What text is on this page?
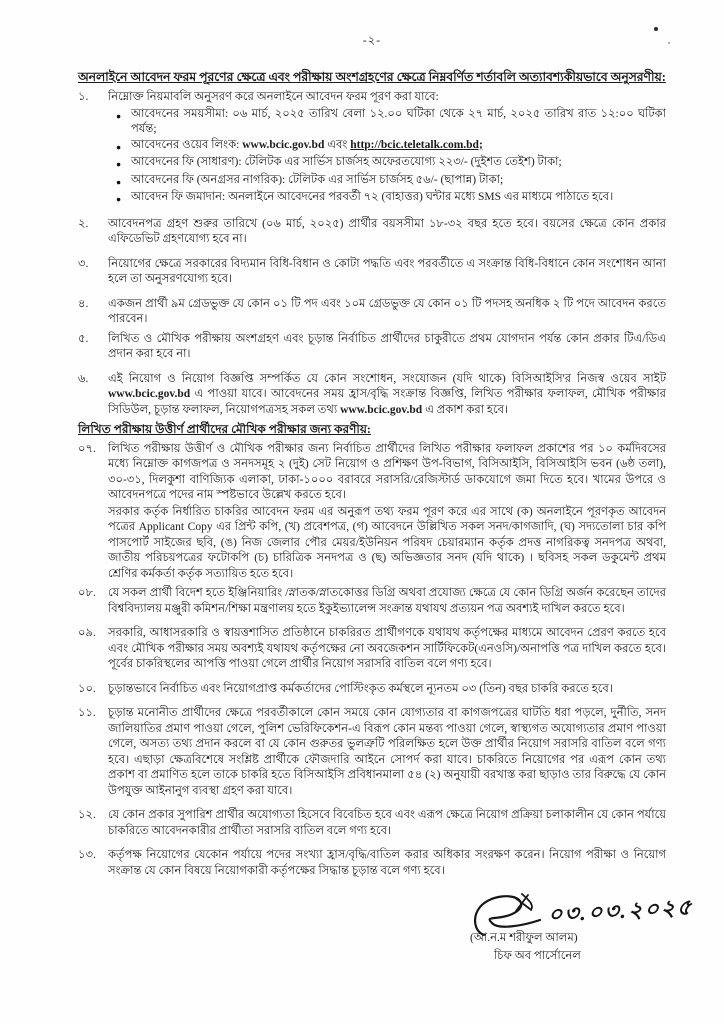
-২-
অনলাইনে আবেদন ফরম পূরণের ক্ষেত্রে এবং পরীক্ষায় অংশগ্রহণের ক্ষেত্রে নিম্নবর্ণিত শর্তাবলি অত্যাবশ্যকীয়ভাবে অনুসরণীয়:
১.	নিম্নোক্ত নিয়মাবলি অনুসরণ করে অনলাইনে আবেদন ফরম পূরণ করা যাবে:
● আবেদনের সময়সীমা: ০৬ মার্চ, ২০২৫ তারিখ বেলা ১২.০০ ঘটিকা থেকে ২৭ মার্চ, ২০২৫ তারিখ রাত ১২:০০ ঘটিকা পর্যন্ত;
● আবেদনের ওয়েব লিংক: www.bcic.gov.bd এবং http://bcic.teletalk.com.bd;
● আবেদনের ফি (সাধারণ): টেলিটক এর সার্ভিস চার্জসহ অফেরতযোগ্য ২২৩/- (দুইশত তেইশ) টাকা;
● আবেদনের ফি (অনগ্রসর নাগরিক): টেলিটক এর সার্ভিস চার্জসহ ৫৬/- (ছাপান্ন) টাকা;
● আবেদন ফি জমাদান: অনলাইনে আবেদনের পরবর্তী ৭২ (বাহাত্তর) ঘন্টার মধ্যে SMS এর মাধ্যমে পাঠাতে হবে।
২.	আবেদনপত্র গ্রহণ শুরুর তারিখে (০৬ মার্চ, ২০২৫) প্রার্থীর বয়সসীমা ১৮-৩২ বছর হতে হবে। বয়সের ক্ষেত্রে কোন প্রকার এফিডেভিট গ্রহণযোগ্য হবে না।
৩.	নিয়োগের ক্ষেত্রে সরকারের বিদ্যমান বিধি-বিধান ও কোটা পদ্ধতি এবং পরবর্তীতে এ সংক্রান্ত বিধি-বিধানে কোন সংশোধন আনা হলে তা অনুসরণযোগ্য হবে।
৪.	একজন প্রার্থী ৯ম গ্রেডভুক্ত যে কোন ০১ টি পদ এবং ১০ম গ্রেডভুক্ত যে কোন ০১ টি পদসহ অনধিক ২ টি পদে আবেদন করতে পারবেন।
৫.	লিখিত ও মৌখিক পরীক্ষায় অংশগ্রহণ এবং চূড়ান্ত নির্বাচিত প্রার্থীদের চাকুরীতে প্রথম যোগদান পর্যন্ত কোন প্রকার টিএ/ডিএ প্রদান করা হবে না।
৬.	এই নিয়োগ ও নিয়োগ বিজ্ঞপ্তি সম্পর্কিত যে কোন সংশোধন, সংযোজন (যদি থাকে) বিসিআইসি'র নিজস্ব ওয়েব সাইট www.bcic.gov.bd এ পাওয়া যাবে। আবেদনের সময় হ্রাস/বৃদ্ধি সংক্রান্ত বিজ্ঞপ্তি, লিখিত পরীক্ষার ফলাফল, মৌখিক পরীক্ষার সিডিউল, চূড়ান্ত ফলাফল, নিয়োগপত্রসহ সকল তথ্য www.bcic.gov.bd এ প্রকাশ করা হবে।
লিখিত পরীক্ষায় উত্তীর্ণ প্রার্থীদের মৌখিক পরীক্ষার জন্য করণীয়:
০৭.	লিখিত পরীক্ষায় উত্তীর্ণ ও মৌখিক পরীক্ষার জন্য নির্বাচিত প্রার্থীদের লিখিত পরীক্ষার ফলাফল প্রকাশের পর ১০ কর্মদিবসের মধ্যে নিম্নোক্ত কাগজপত্র ও সনদসমূহ ২ (দুই) সেট নিয়োগ ও প্রশিক্ষণ উপ-বিভাগ, বিসিআইসি, বিসিআইসি ভবন (৬ষ্ঠ তলা), ৩০-৩১, দিলকুশা বাণিজ্যিক এলাকা, ঢাকা-১০০০ বরাবরে সরাসরি/রেজিস্টার্ড ডাকযোগে জমা দিতে হবে। খামের উপরে ও আবেদনপত্রে পদের নাম স্পষ্টভাবে উল্লেখ করতে হবে।
সরকার কর্তৃক নির্ধারিত চাকরির আবেদন ফরম এর অনুরূপ তথ্য ফরম পূরণ করে এর সাথে (ক) অনলাইনে পূরণকৃত আবেদন পত্রের Applicant Copy এর প্রিন্ট কপি, (খ) প্রবেশপত্র, (গ) আবেদনে উল্লিখিত সকল সনদ/কাগজাদি, (ঘ) সদ্যতোলা চার কপি পাসপোর্ট সাইজের ছবি, (ঙ) নিজ জেলার পৌর মেয়র/ইউনিয়ন পরিষদ চেয়ারম্যান কর্তৃক প্রদত্ত নাগরিকত্ব সনদপত্র অথবা, জাতীয় পরিচয়পত্রের ফটোকপি (চ) চারিত্রিক সনদপত্র ও (ছ) অভিজ্ঞতার সনদ (যদি থাকে) । ছবিসহ সকল ডকুমেন্ট প্রথম শ্রেণির কর্মকর্তা কর্তৃক সত্যায়িত হতে হবে।
০৮.	যে সকল প্রার্থী বিদেশ হতে ইঞ্জিনিয়ারিং /স্নাতক/স্নাতকোত্তর ডিগ্রি অথবা প্রযোজ্য ক্ষেত্রে যে কোন ডিগ্রি অর্জন করেছেন তাদের বিশ্ববিদ্যালয় মঞ্জুরী কমিশন/শিক্ষা মন্ত্রণালয় হতে ইকুইভ্যালেন্স সংক্রান্ত যথাযথ প্রত্যয়ন পত্র অবশ্যই দাখিল করতে হবে।
০৯.	সরকারি, আধাসরকারি ও স্বায়ত্তশাসিত প্রতিষ্ঠানে চাকরিরত প্রার্থীগণকে যথাযথ কর্তৃপক্ষের মাধ্যমে আবেদন প্রেরণ করতে হবে এবং মৌখিক পরীক্ষার সময় অবশ্যই যথাযথ কর্তৃপক্ষের নো অবজেকশন সার্টিফিকেট(এনওসি)/অনাপত্তি পত্র দাখিল করতে হবে। পূর্বের চাকরিস্থলের আপত্তি পাওয়া গেলে প্রার্থীর নিয়োগ সরাসরি বাতিল বলে গণ্য হবে।
১০.	চূড়ান্তভাবে নির্বাচিত এবং নিয়োগপ্রাপ্ত কর্মকর্তাদের পোস্টিংকৃত কর্মস্থলে ন্যূনতম ০৩ (তিন) বছর চাকরি করতে হবে।
১১.	চূড়ান্ত মনোনীত প্রার্থীদের ক্ষেত্রে পরবর্তীকালে কোন সময়ে কোন যোগ্যতার বা কাগজপত্রের ঘাটতি ধরা পড়লে, দুর্নীতি, সনদ জালিয়াতির প্রমাণ পাওয়া গেলে, পুলিশ ভেরিফিকেশন-এ বিরূপ কোন মন্তব্য পাওয়া গেলে, স্বাস্থ্যগত অযোগ্যতার প্রমাণ পাওয়া গেলে, অসত্য তথ্য প্রদান করলে বা যে কোন গুরুতর ভুলত্রুটি পরিলক্ষিত হলে উক্ত প্রার্থীর নিয়োগ সরাসরি বাতিল বলে গণ্য হবে। এছাড়া ক্ষেত্রবিশেষে সংশ্লিষ্ট প্রার্থীকে ফৌজদারি আইনে সোপর্দ করা যাবে। চাকরিতে নিয়োগের পর এরূপ কোন তথ্য প্রকাশ বা প্রমাণিত হলে তাকে চাকরি হতে বিসিআইসি প্রবিধানমালা ৫৪ (২) অনুযায়ী বরখাস্ত করা ছাড়াও তার বিরুদ্ধে যে কোন উপযুক্ত আইনানুগ ব্যবস্থা গ্রহণ করা যাবে।
১২.	যে কোন প্রকার সুপারিশ প্রার্থীর অযোগ্যতা হিসেবে বিবেচিত হবে এবং এরূপ ক্ষেত্রে নিয়োগ প্রক্রিয়া চলাকালীন যে কোন পর্যায়ে চাকরিতে আবেদনকারীর প্রার্থীতা সরাসরি বাতিল বলে গণ্য হবে।
১৩.	কর্তৃপক্ষ নিয়োগের যেকোন পর্যায়ে পদের সংখ্যা হ্রাস/বৃদ্ধি/বাতিল করার অধিকার সংরক্ষণ করেন। নিয়োগ পরীক্ষা ও নিয়োগ সংক্রান্ত যে কোন বিষয়ে নিয়োগকারী কর্তৃপক্ষের সিদ্ধান্ত চূড়ান্ত বলে গণ্য হবে।
০৩.০৩.২০২৫
(আ.ন.ম শরীফুল আলম)
চিফ অব পার্সোনেল
